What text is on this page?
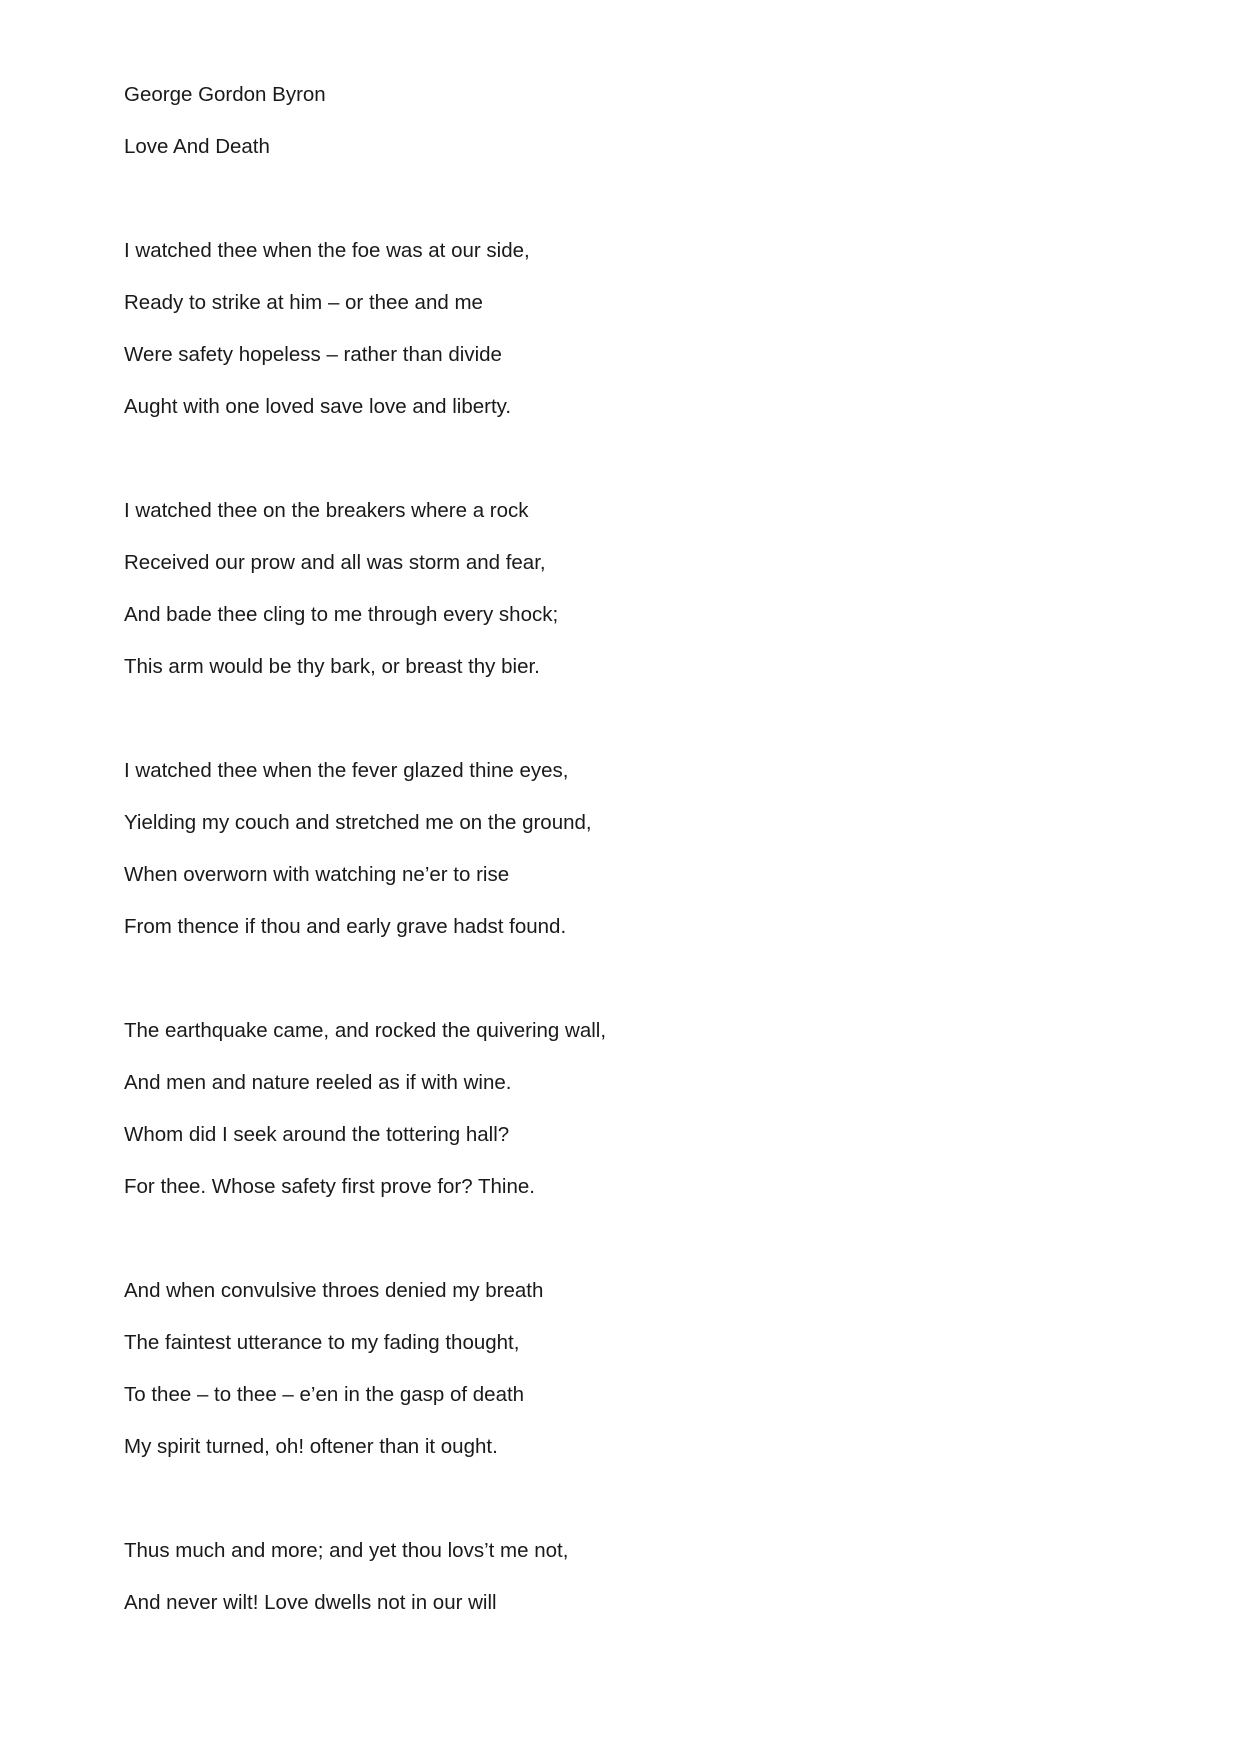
George Gordon Byron
Love And Death
I watched thee when the foe was at our side,
Ready to strike at him – or thee and me
Were safety hopeless – rather than divide
Aught with one loved save love and liberty.
I watched thee on the breakers where a rock
Received our prow and all was storm and fear,
And bade thee cling to me through every shock;
This arm would be thy bark, or breast thy bier.
I watched thee when the fever glazed thine eyes,
Yielding my couch and stretched me on the ground,
When overworn with watching ne’er to rise
From thence if thou and early grave hadst found.
The earthquake came, and rocked the quivering wall,
And men and nature reeled as if with wine.
Whom did I seek around the tottering hall?
For thee. Whose safety first prove for? Thine.
And when convulsive throes denied my breath
The faintest utterance to my fading thought,
To thee – to thee – e’en in the gasp of death
My spirit turned, oh! oftener than it ought.
Thus much and more; and yet thou lovs’t me not,
And never wilt! Love dwells not in our will
